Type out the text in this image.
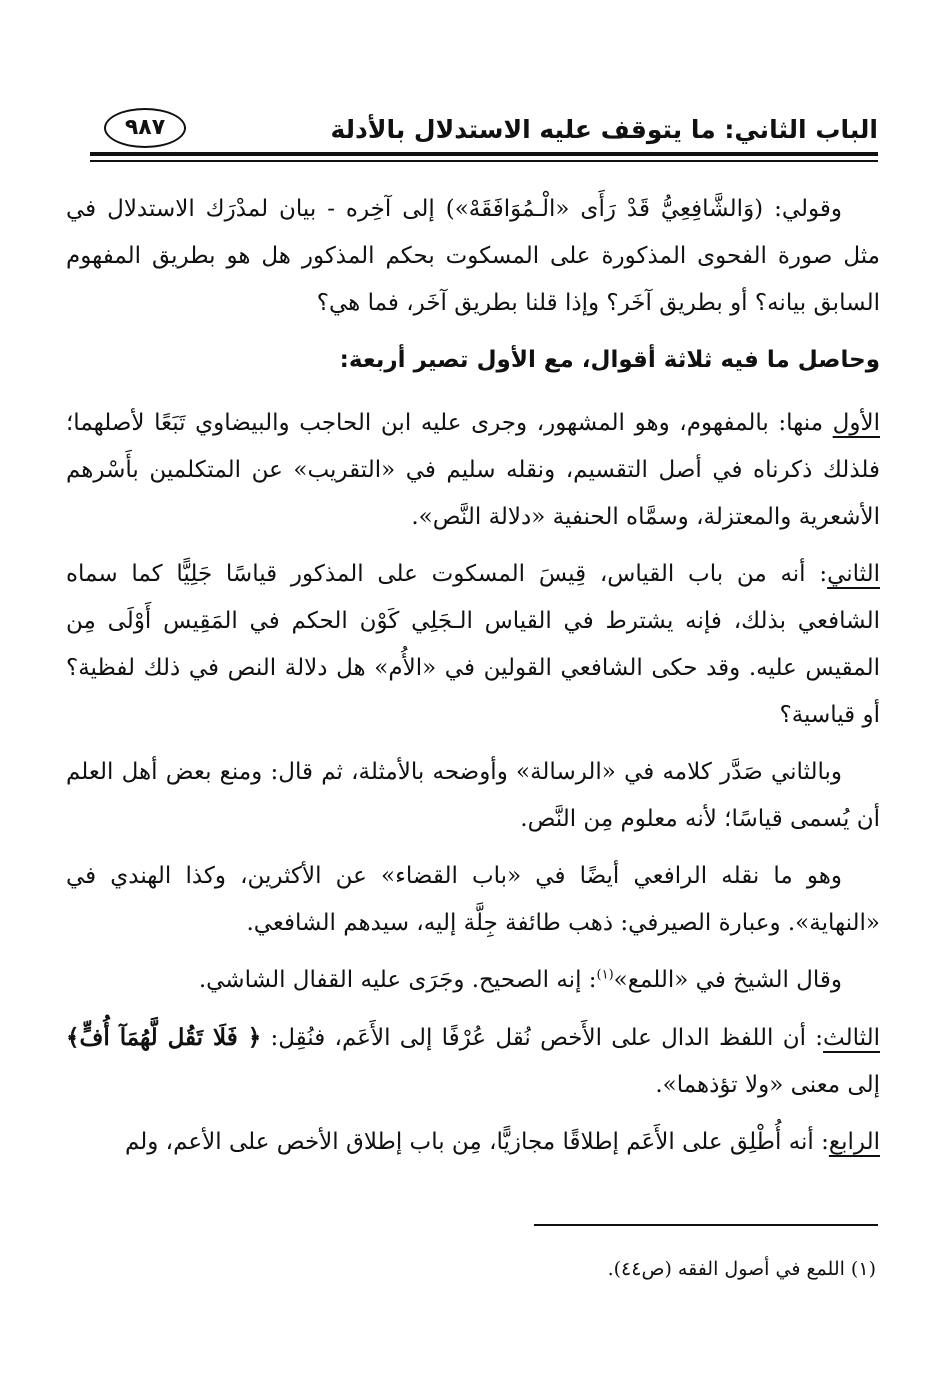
الباب الثاني: ما يتوقف عليه الاستدلال بالأدلة
٩٨٧

وقولي: (وَالشَّافِعِيُّ قَدْ رَأَى «الْـمُوَافَقَهْ») إلى آخِره - بيان لمدْرَك الاستدلال في مثل صورة الفحوى المذكورة على المسكوت بحكم المذكور هل هو بطريق المفهوم السابق بيانه؟ أو بطريق آخَر؟ وإذا قلنا بطريق آخَر، فما هي؟

وحاصل ما فيه ثلاثة أقوال، مع الأول تصير أربعة:

الأول منها: بالمفهوم، وهو المشهور، وجرى عليه ابن الحاجب والبيضاوي تَبَعًا لأصلهما؛ فلذلك ذكرناه في أصل التقسيم، ونقله سليم في «التقريب» عن المتكلمين بأَسْرهم الأشعرية والمعتزلة، وسمَّاه الحنفية «دلالة النَّص».

الثاني: أنه من باب القياس، قِيسَ المسكوت على المذكور قياسًا جَلِيًّا كما سماه الشافعي بذلك، فإنه يشترط في القياس الـجَلِي كَوْن الحكم في المَقِيس أَوْلَى مِن المقيس عليه. وقد حكى الشافعي القولين في «الأُم» هل دلالة النص في ذلك لفظية؟ أو قياسية؟

وبالثاني صَدَّر كلامه في «الرسالة» وأوضحه بالأمثلة، ثم قال: ومنع بعض أهل العلم أن يُسمى قياسًا؛ لأنه معلوم مِن النَّص.

وهو ما نقله الرافعي أيضًا في «باب القضاء» عن الأكثرين، وكذا الهندي في «النهاية». وعبارة الصيرفي: ذهب طائفة جِلَّة إليه، سيدهم الشافعي.

وقال الشيخ في «اللمع»$^{(١)}$: إنه الصحيح. وجَرَى عليه القفال الشاشي.

الثالث: أن اللفظ الدال على الأَخص نُقل عُرْفًا إلى الأَعَم، فنُقِل: ﴿ فَلَا تَقُل لَّهُمَآ أُفٍّ﴾ إلى معنى «ولا تؤذهما».

الرابع: أنه أُطْلِق على الأَعَم إطلاقًا مجازيًّا، مِن باب إطلاق الأخص على الأعم، ولم

(١) اللمع في أصول الفقه (ص٤٤).
